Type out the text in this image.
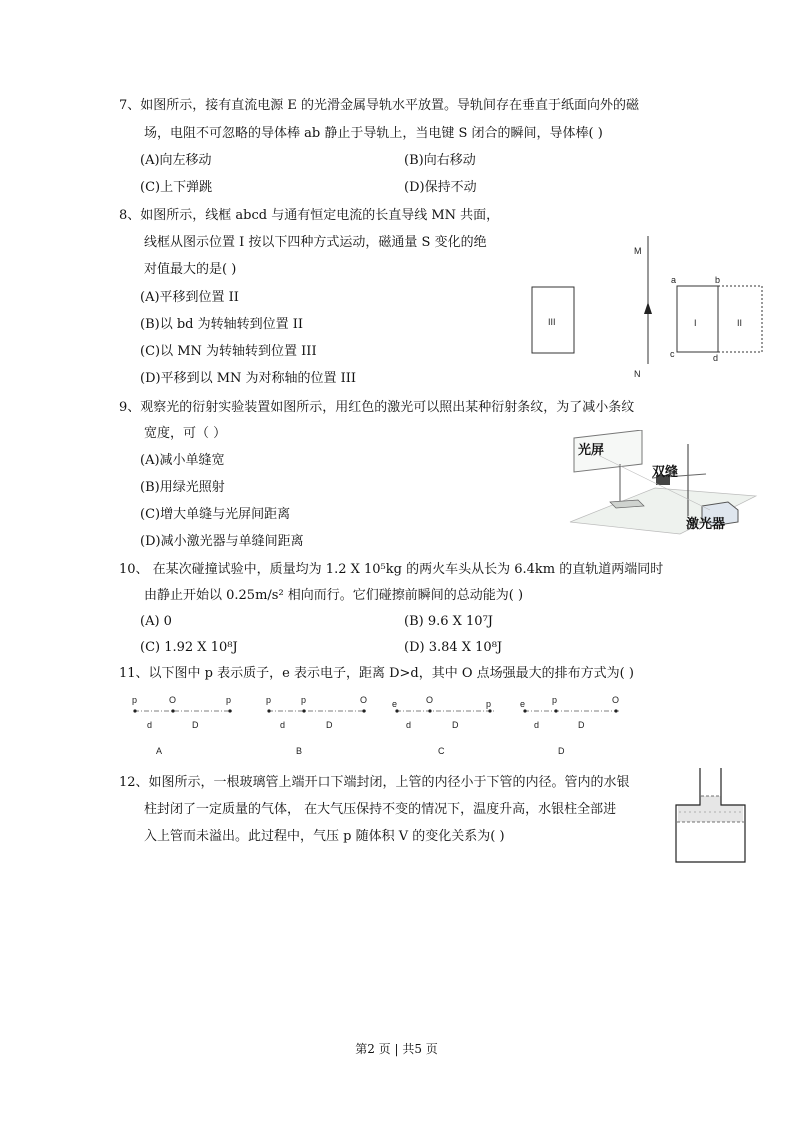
7、如图所示，接有直流电源 E 的光滑金属导轨水平放置。导轨间存在垂直于纸面向外的磁
场，电阻不可忽略的导体棒 ab 静止于导轨上，当电键 S 闭合的瞬间，导体棒( )
(A)向左移动	(B)向右移动
(C)上下弹跳	(D)保持不动
8、如图所示，线框 abcd 与通有恒定电流的长直导线 MN 共面，
线框从图示位置 I 按以下四种方式运动，磁通量 S 变化的绝
对值最大的是( )
(A)平移到位置 II
(B)以 bd 为转轴转到位置 II
(C)以 MN 为转轴转到位置 III
(D)平移到以 MN 为对称轴的位置 III
M
N
a	b
c	d
I	II
III
9、观察光的衍射实验装置如图所示，用红色的激光可以照出某种衍射条纹，为了减小条纹
宽度，可（ ）
(A)减小单缝宽
(B)用绿光照射
(C)增大单缝与光屏间距离
(D)减小激光器与单缝间距离
光屏
双缝
激光器
10、 在某次碰撞试验中，质量均为 1.2 X 10⁵kg 的两火车头从长为 6.4km 的直轨道两端同时
由静止开始以 0.25m/s² 相向而行。它们碰擦前瞬间的总动能为( )
(A) 0	(B) 9.6 X 10⁷J
(C) 1.92 X 10⁸J	(D) 3.84 X 10⁸J
11、以下图中 p 表示质子，e 表示电子，距离 D>d，其中 O 点场强最大的排布方式为( )
p	O	p
d	D
A
p	p	O
d	D
B
e	O	p
d	D
C
e	p	O
d	D
D
12、如图所示，一根玻璃管上端开口下端封闭，上管的内径小于下管的内径。管内的水银
柱封闭了一定质量的气体， 在大气压保持不变的情况下，温度升高，水银柱全部进
入上管而未溢出。此过程中，气压 p 随体积 V 的变化关系为( )
第2 页 | 共5 页
